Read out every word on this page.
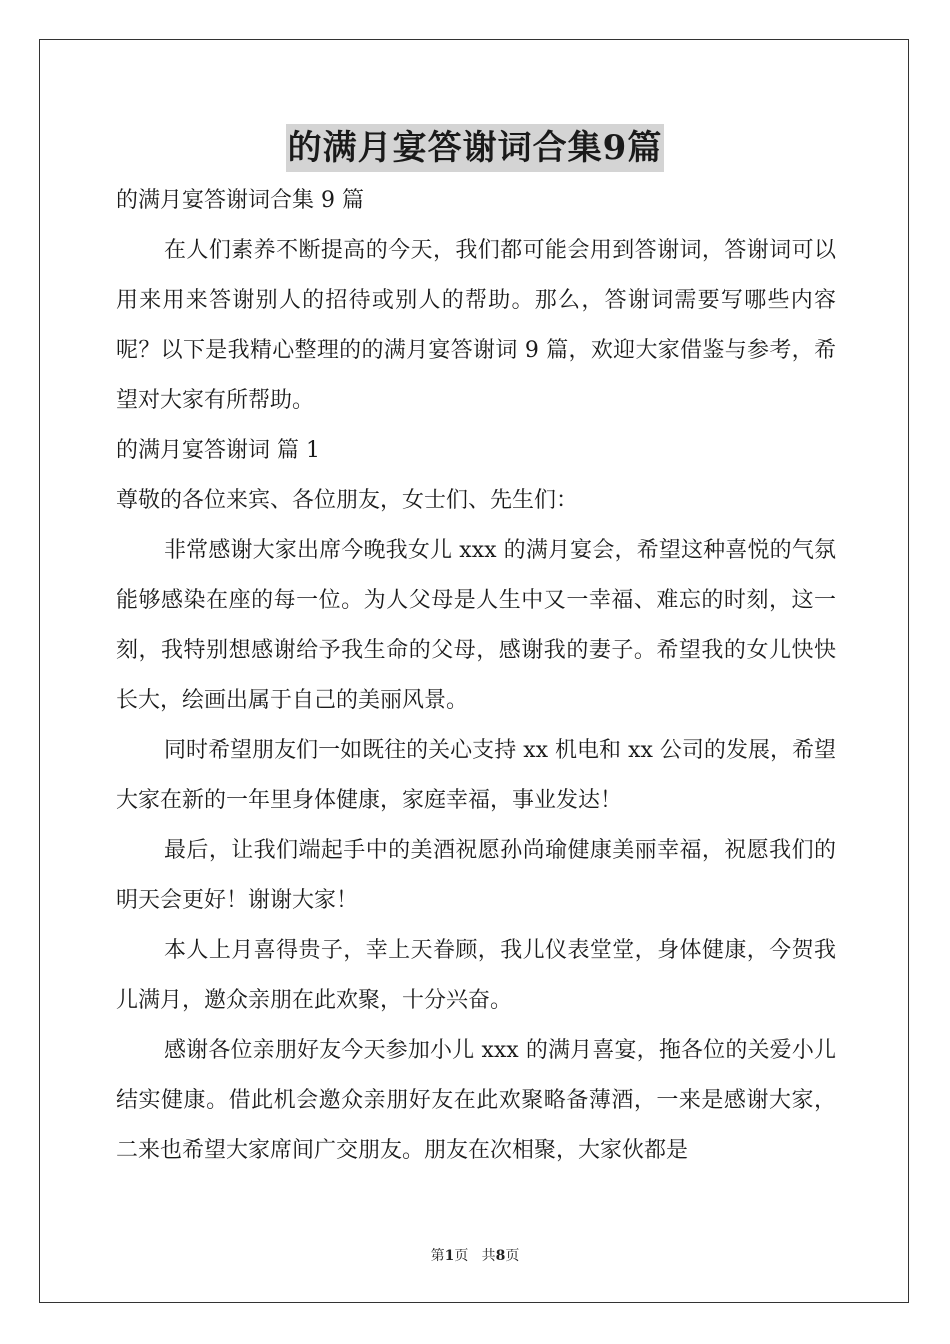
的满月宴答谢词合集9篇
的满月宴答谢词合集 9 篇

在人们素养不断提高的今天，我们都可能会用到答谢词，答谢词可以用来用来答谢别人的招待或别人的帮助。那么，答谢词需要写哪些内容呢？以下是我精心整理的的满月宴答谢词 9 篇，欢迎大家借鉴与参考，希望对大家有所帮助。

的满月宴答谢词 篇 1
尊敬的各位来宾、各位朋友，女士们、先生们：

非常感谢大家出席今晚我女儿 xxx 的满月宴会，希望这种喜悦的气氛能够感染在座的每一位。为人父母是人生中又一幸福、难忘的时刻，这一刻，我特别想感谢给予我生命的父母，感谢我的妻子。希望我的女儿快快长大，绘画出属于自己的美丽风景。

同时希望朋友们一如既往的关心支持 xx 机电和 xx 公司的发展，希望大家在新的一年里身体健康，家庭幸福，事业发达！

最后，让我们端起手中的美酒祝愿孙尚瑜健康美丽幸福，祝愿我们的明天会更好！谢谢大家！

本人上月喜得贵子，幸上天眷顾，我儿仪表堂堂，身体健康，今贺我儿满月，邀众亲朋在此欢聚，十分兴奋。

感谢各位亲朋好友今天参加小儿 xxx 的满月喜宴，拖各位的关爱小儿结实健康。借此机会邀众亲朋好友在此欢聚略备薄酒，一来是感谢大家，二来也希望大家席间广交朋友。朋友在次相聚，大家伙都是

第1页 共8页
